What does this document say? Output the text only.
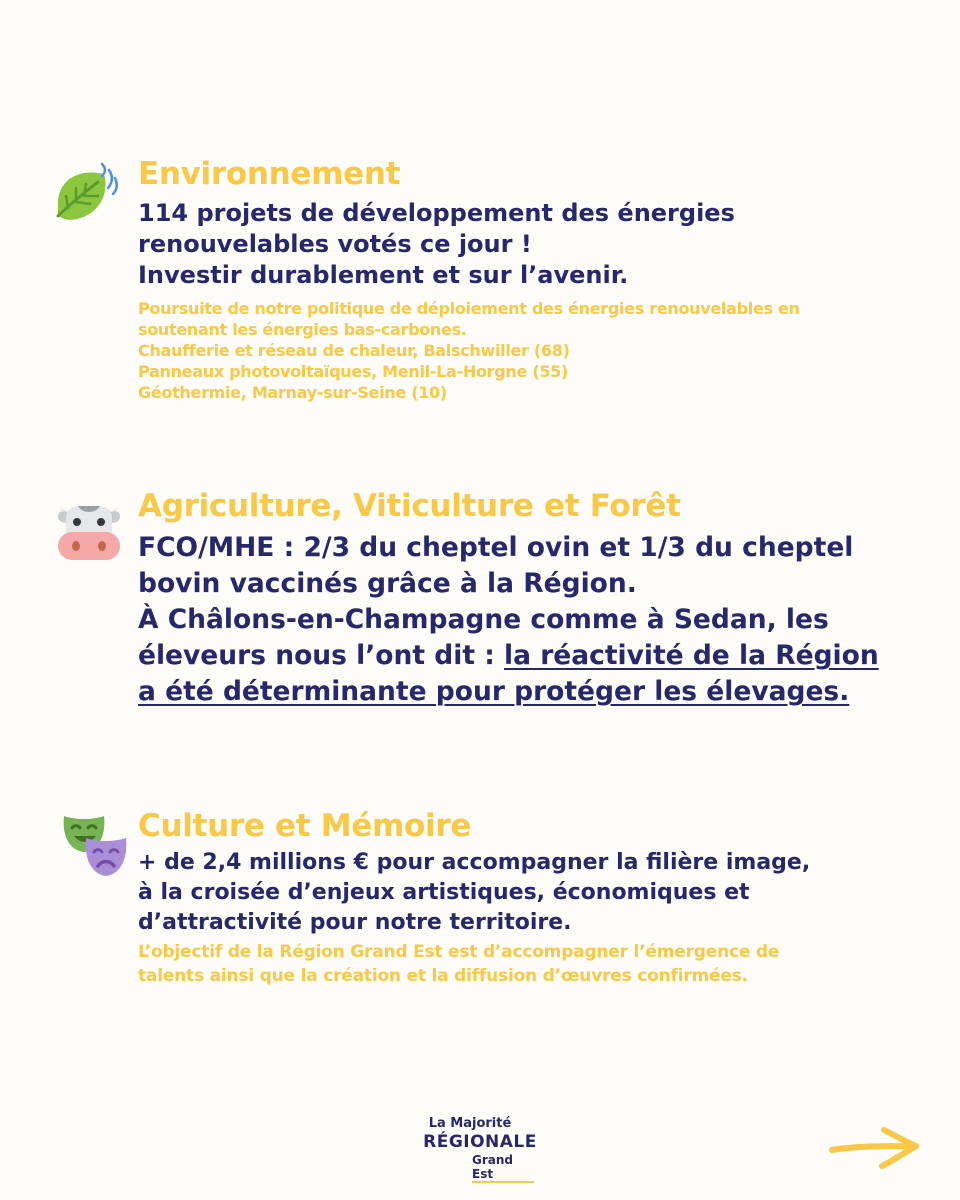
Environnement
114 projets de développement des énergies
renouvelables votés ce jour !
Investir durablement et sur l’avenir.
Poursuite de notre politique de déploiement des énergies renouvelables en
soutenant les énergies bas-carbones.
Chaufferie et réseau de chaleur, Balschwiller (68)
Panneaux photovoltaïques, Menil-La-Horgne (55)
Géothermie, Marnay-sur-Seine (10)
Agriculture, Viticulture et Forêt
FCO/MHE : 2/3 du cheptel ovin et 1/3 du cheptel
bovin vaccinés grâce à la Région.
À Châlons-en-Champagne comme à Sedan, les
éleveurs nous l’ont dit : la réactivité de la Région
a été déterminante pour protéger les élevages.
Culture et Mémoire
+ de 2,4 millions € pour accompagner la filière image,
à la croisée d’enjeux artistiques, économiques et
d’attractivité pour notre territoire.
L’objectif de la Région Grand Est est d’accompagner l’émergence de
talents ainsi que la création et la diffusion d’œuvres confirmées.
La Majorité
RÉGIONALE
Grand Est
